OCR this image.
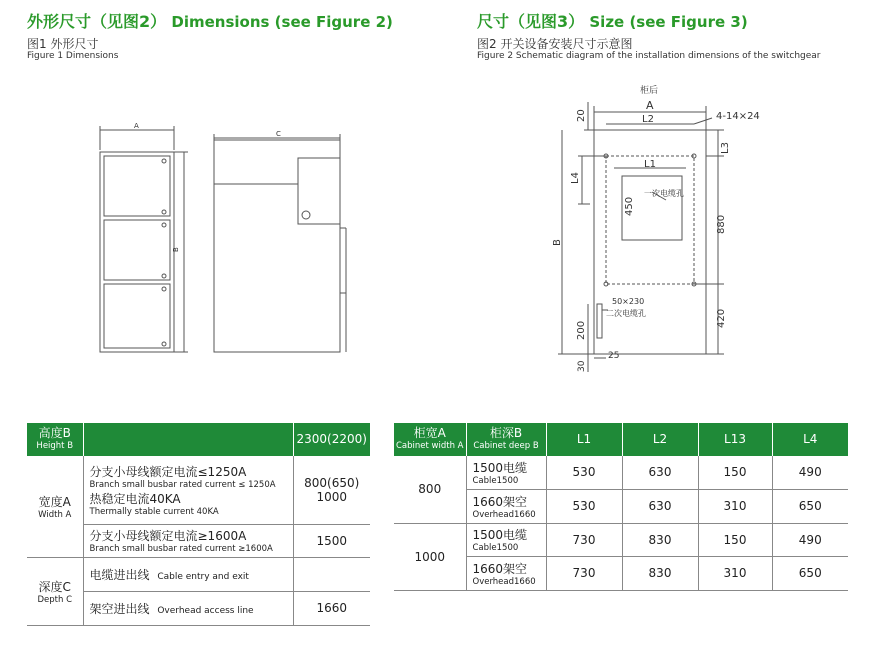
外形尺寸（见图2） Dimensions (see Figure 2)
图1 外形尺寸
Figure 1 Dimensions
尺寸（见图3） Size (see Figure 3)
图2 开关设备安装尺寸示意图
Figure 2 Schematic diagram of the installation dimensions of the switchgear
A
C
B
柜后
A
L2	4-14×24
20
L3
L4
L1
一次电缆孔
450
880
B
50×230
二次电缆孔	420
200
25
30
高度B
Height B		2300(2200)
宽度A
Width A	分支小母线额定电流≤1250A
Branch small busbar rated current ≤ 1250A
热稳定电流40KA
Thermally stable current 40KA	800(650)
1000

	分支小母线额定电流≥1600A
Branch small busbar rated current ≥1600A	1500
深度C
Depth C	电缆进出线 Cable entry and exit	
	架空进出线 Overhead access line	1660
柜宽A
Cabinet width A	柜深B
Cabinet deep B	L1	L2	L13	L4
800	1500电缆
Cable1500	530	630	150	490
	1660架空
Overhead1660	530	630	310	650
1000	1500电缆
Cable1500	730	830	150	490
	1660架空
Overhead1660	730	830	310	650
